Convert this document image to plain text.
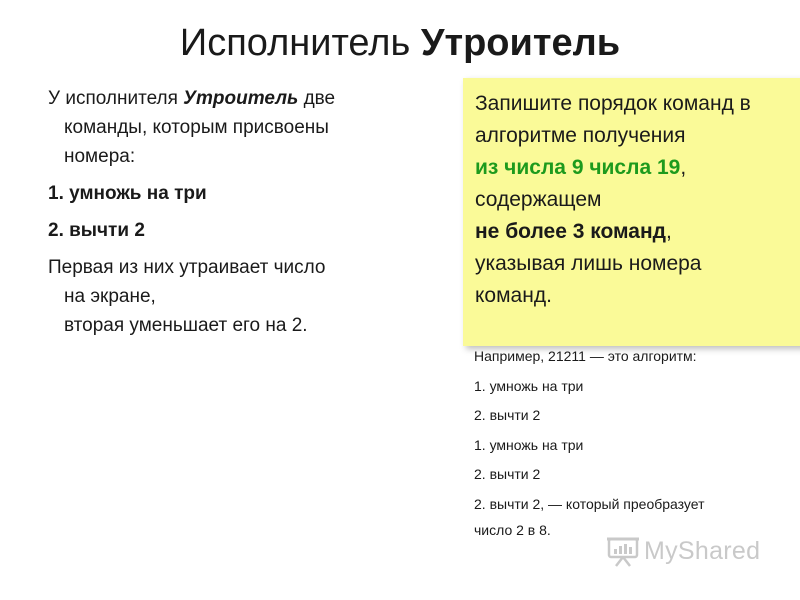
Исполнитель Утроитель
У исполнителя Утроитель две
команды, которым присвоены
номера:
1. умножь на три
2. вычти 2
Первая из них утраивает число
на экране,
вторая уменьшает его на 2.
Запишите порядок команд в
алгоритме получения
из числа 9 числа 19,
содержащем
не более 3 команд,
указывая лишь номера
команд.
Например, 21211 — это алгоритм:
1. умножь на три
2. вычти 2
1. умножь на три
2. вычти 2
2. вычти 2, — который преобразует
число 2 в 8.
MyShared
